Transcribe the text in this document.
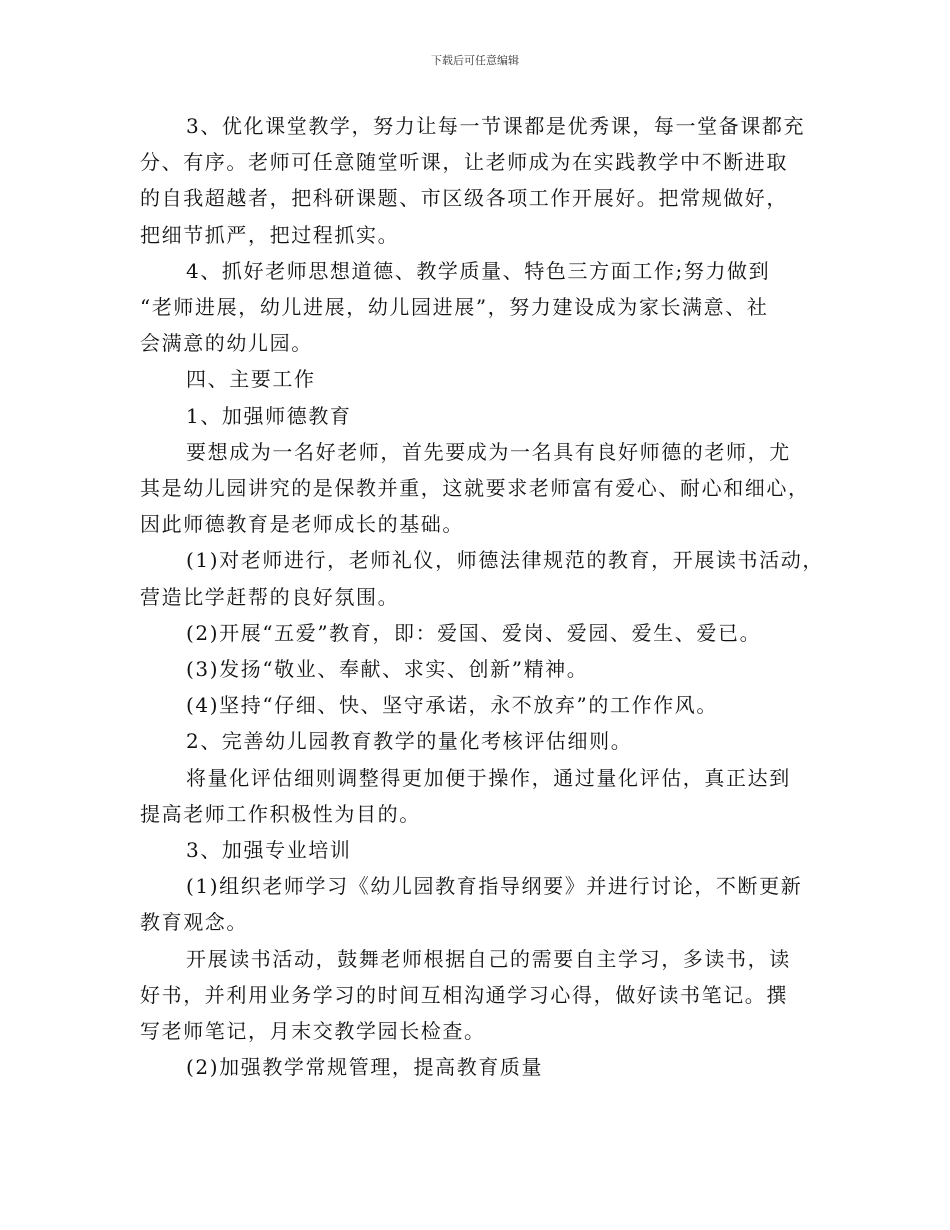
下载后可任意编辑

3、优化课堂教学，努力让每一节课都是优秀课，每一堂备课都充
分、有序。老师可任意随堂听课，让老师成为在实践教学中不断进取
的自我超越者，把科研课题、市区级各项工作开展好。把常规做好，
把细节抓严，把过程抓实。

4、抓好老师思想道德、教学质量、特色三方面工作;努力做到
“老师进展，幼儿进展，幼儿园进展”，努力建设成为家长满意、社
会满意的幼儿园。

四、主要工作

1、加强师德教育

要想成为一名好老师，首先要成为一名具有良好师德的老师，尤
其是幼儿园讲究的是保教并重，这就要求老师富有爱心、耐心和细心，
因此师德教育是老师成长的基础。

(1)对老师进行，老师礼仪，师德法律规范的教育，开展读书活动，
营造比学赶帮的良好氛围。

(2)开展“五爱”教育，即：爱国、爱岗、爱园、爱生、爱已。

(3)发扬“敬业、奉献、求实、创新”精神。

(4)坚持“仔细、快、坚守承诺，永不放弃”的工作作风。

2、完善幼儿园教育教学的量化考核评估细则。

将量化评估细则调整得更加便于操作，通过量化评估，真正达到
提高老师工作积极性为目的。

3、加强专业培训

(1)组织老师学习《幼儿园教育指导纲要》并进行讨论，不断更新
教育观念。

开展读书活动，鼓舞老师根据自己的需要自主学习，多读书，读
好书，并利用业务学习的时间互相沟通学习心得，做好读书笔记。撰
写老师笔记，月末交教学园长检查。

(2)加强教学常规管理，提高教育质量
